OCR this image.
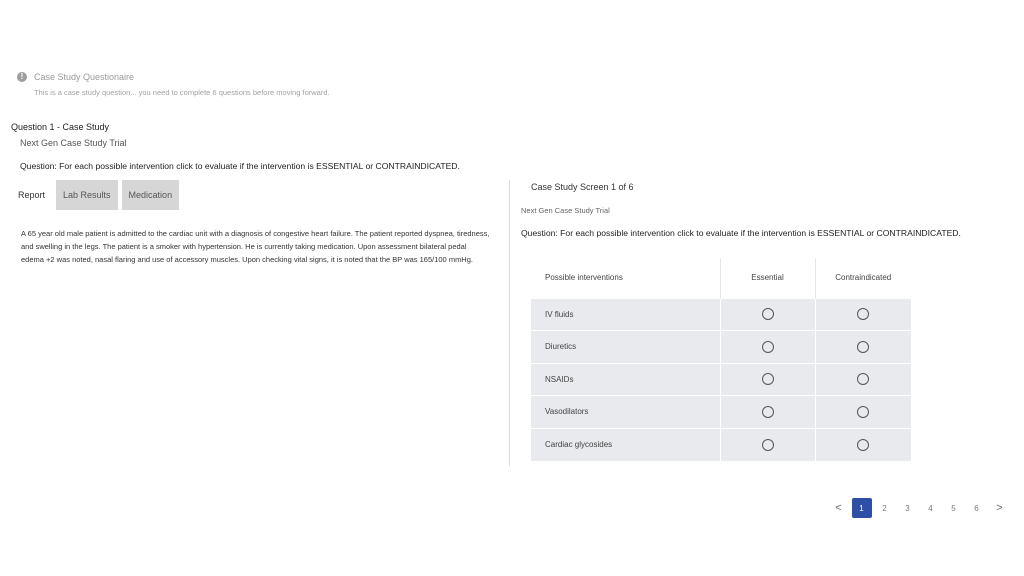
!	Case Study Questionaire
This is a case study question... you need to complete 6 questions before moving forward.
Question 1 - Case Study
Next Gen Case Study Trial
Question: For each possible intervention click to evaluate if the intervention is ESSENTIAL or CONTRAINDICATED.
Report	Lab Results	Medication
A 65 year old male patient is admitted to the cardiac unit with a diagnosis of congestive heart failure. The patient reported dyspnea, tiredness, and swelling in the legs. The patient is a smoker with hypertension. He is currently taking medication. Upon assessment bilateral pedal edema +2 was noted, nasal flaring and use of accessory muscles. Upon checking vital signs, it is noted that the BP was 165/100 mmHg.
Case Study Screen 1 of 6
Next Gen Case Study Trial
Question: For each possible intervention click to evaluate if the intervention is ESSENTIAL or CONTRAINDICATED.
Possible interventions	Essential	Contraindicated
IV fluids		
Diuretics		
NSAIDs		
Vasodilators		
Cardiac glycosides		
<	1	2	3	4	5	6	>
